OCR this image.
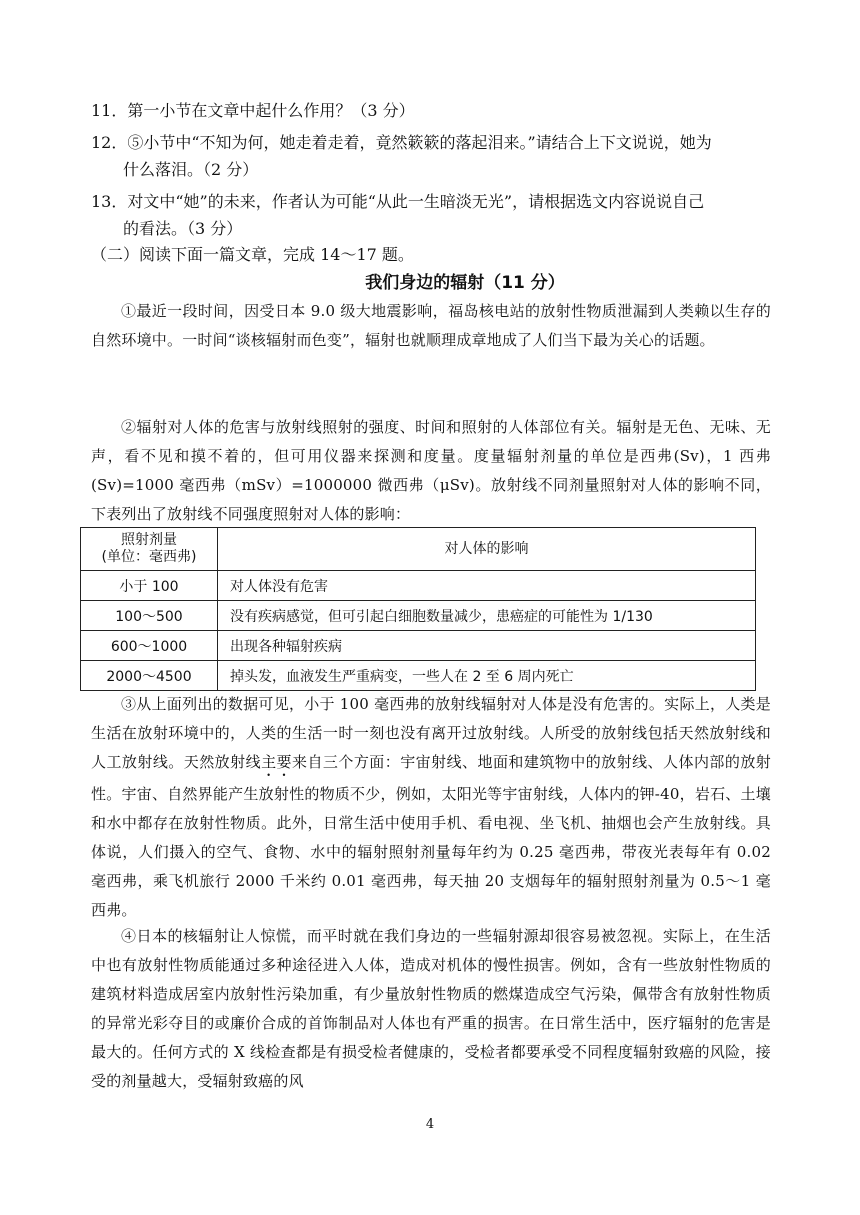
11．第一小节在文章中起什么作用？（3 分）
12．⑤小节中“不知为何，她走着走着，竟然簌簌的落起泪来。”请结合上下文说说，她为
什么落泪。（2 分）
13．对文中“她”的未来，作者认为可能“从此一生暗淡无光”，请根据选文内容说说自己
的看法。（3 分）
（二）阅读下面一篇文章，完成 14～17 题。
我们身边的辐射（11 分）
①最近一段时间，因受日本 9.0 级大地震影响，福岛核电站的放射性物质泄漏到人类赖以生存的自然环境中。一时间“谈核辐射而色变”，辐射也就顺理成章地成了人们当下最为关心的话题。
②辐射对人体的危害与放射线照射的强度、时间和照射的人体部位有关。辐射是无色、无味、无声，看不见和摸不着的，但可用仪器来探测和度量。度量辐射剂量的单位是西弗(Sv)，1 西弗(Sv)=1000 毫西弗（mSv）=1000000 微西弗（μSv)。放射线不同剂量照射对人体的影响不同，下表列出了放射线不同强度照射对人体的影响：
照射剂量
(单位：毫西弗)	对人体的影响
小于 100	对人体没有危害
100～500	没有疾病感觉，但可引起白细胞数量减少，患癌症的可能性为 1/130
600～1000	出现各种辐射疾病
2000～4500	掉头发，血液发生严重病变，一些人在 2 至 6 周内死亡
③从上面列出的数据可见，小于 100 毫西弗的放射线辐射对人体是没有危害的。实际上，人类是生活在放射环境中的，人类的生活一时一刻也没有离开过放射线。人所受的放射线包括天然放射线和人工放射线。天然放射线主要来自三个方面：宇宙射线、地面和建筑物中的放射线、人体内部的放射性。宇宙、自然界能产生放射性的物质不少，例如，太阳光等宇宙射线，人体内的钾-40，岩石、土壤和水中都存在放射性物质。此外，日常生活中使用手机、看电视、坐飞机、抽烟也会产生放射线。具体说，人们摄入的空气、食物、水中的辐射照射剂量每年约为 0.25 毫西弗，带夜光表每年有 0.02 毫西弗，乘飞机旅行 2000 千米约 0.01 毫西弗，每天抽 20 支烟每年的辐射照射剂量为 0.5～1 毫西弗。
④日本的核辐射让人惊慌，而平时就在我们身边的一些辐射源却很容易被忽视。实际上，在生活中也有放射性物质能通过多种途径进入人体，造成对机体的慢性损害。例如，含有一些放射性物质的建筑材料造成居室内放射性污染加重，有少量放射性物质的燃煤造成空气污染，佩带含有放射性物质的异常光彩夺目的或廉价合成的首饰制品对人体也有严重的损害。在日常生活中，医疗辐射的危害是最大的。任何方式的 X 线检查都是有损受检者健康的，受检者都要承受不同程度辐射致癌的风险，接受的剂量越大，受辐射致癌的风
4
